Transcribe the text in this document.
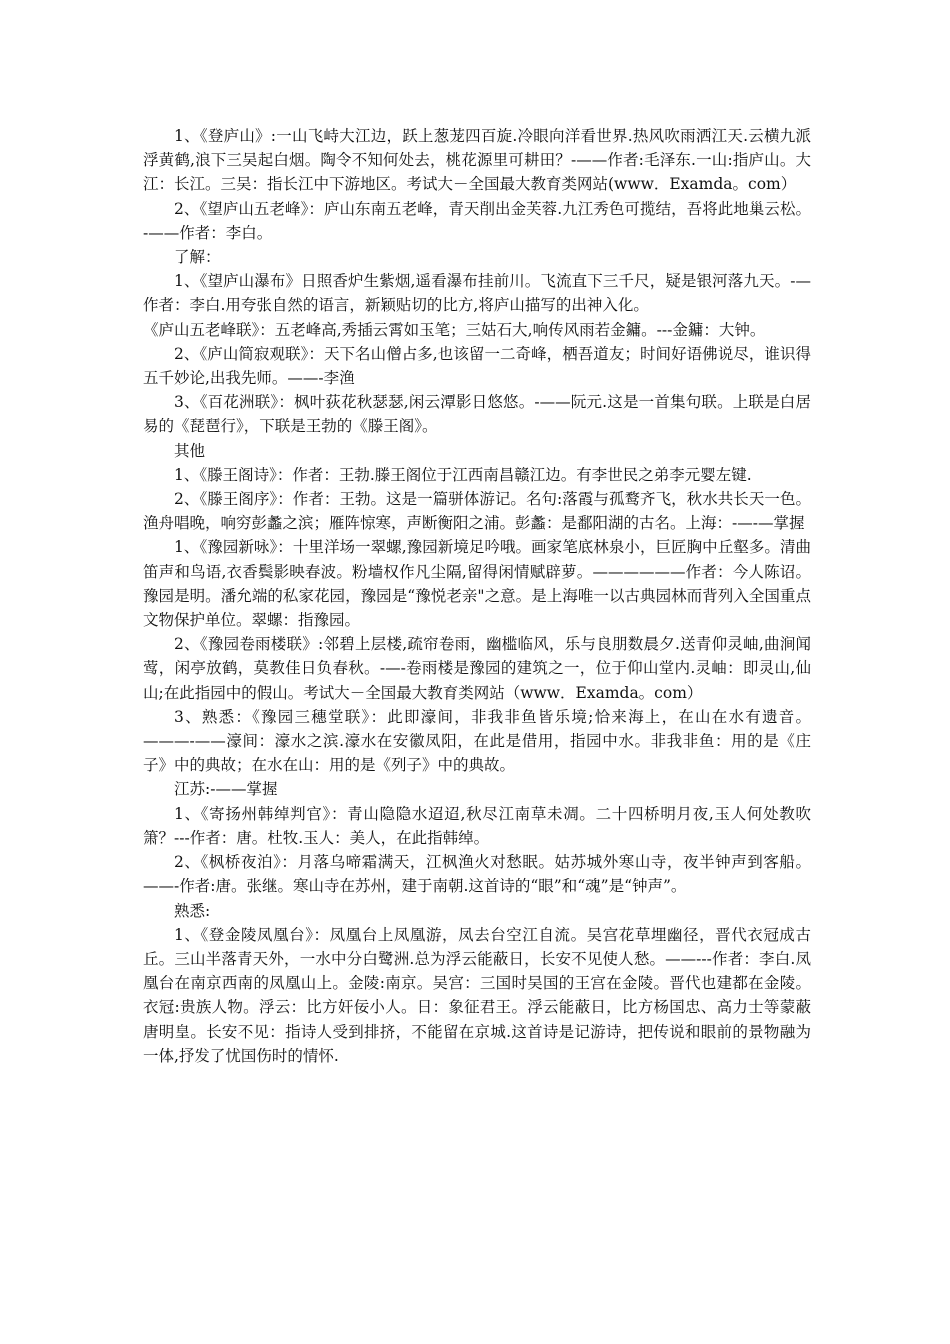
1、《登庐山》:一山飞峙大江边，跃上葱茏四百旋.冷眼向洋看世界.热风吹雨洒江天.云横九派浮黄鹤,浪下三吴起白烟。陶令不知何处去，桃花源里可耕田？-——作者:毛泽东.一山:指庐山。大江：长江。三吴：指长江中下游地区。考试大－全国最大教育类网站(www．Examda。com）

2、《望庐山五老峰》：庐山东南五老峰，青天削出金芙蓉.九江秀色可揽结，吾将此地巢云松。-——作者：李白。

了解：

1、《望庐山瀑布》日照香炉生紫烟,遥看瀑布挂前川。飞流直下三千尺，疑是银河落九天。-—作者：李白.用夸张自然的语言，新颖贴切的比方,将庐山描写的出神入化。

《庐山五老峰联》：五老峰高,秀插云霄如玉笔；三姑石大,响传风雨若金鏞。---金鏞：大钟。

2、《庐山简寂观联》：天下名山僧占多,也该留一二奇峰，栖吾道友；时间好语佛说尽，谁识得五千妙论,出我先师。——-李渔

3、《百花洲联》：枫叶荻花秋瑟瑟,闲云潭影日悠悠。-——阮元.这是一首集句联。上联是白居易的《琵琶行》，下联是王勃的《滕王阁》。

其他

1、《滕王阁诗》：作者：王勃.滕王阁位于江西南昌赣江边。有李世民之弟李元婴左键.

2、《滕王阁序》：作者：王勃。这是一篇骈体游记。名句:落霞与孤鹜齐飞，秋水共长天一色。渔舟唱晚，响穷彭蠡之滨；雁阵惊寒，声断衡阳之浦。彭蠡：是鄱阳湖的古名。上海：-—-—掌握

1、《豫园新咏》：十里洋场一翠螺,豫园新境足吟哦。画家笔底林泉小，巨匠胸中丘壑多。清曲笛声和鸟语,衣香鬓影映春波。粉墙权作凡尘隔,留得闲情赋辟萝。——————作者：今人陈诏。豫园是明。潘允端的私家花园，豫园是“豫悦老亲"之意。是上海唯一以古典园林而背列入全国重点文物保护单位。翠螺：指豫园。

2、《豫园卷雨楼联》:邻碧上层楼,疏帘卷雨，幽槛临风，乐与良朋数晨夕.送青仰灵岫,曲涧闻莺，闲亭放鹤，莫教佳日负春秋。-—-卷雨楼是豫园的建筑之一，位于仰山堂内.灵岫：即灵山,仙山;在此指园中的假山。考试大－全国最大教育类网站（www．Examda。com）

3、熟悉：《豫园三穗堂联》：此即濠间，非我非鱼皆乐境;恰来海上，在山在水有遗音。———-——濠间：濠水之滨.濠水在安徽凤阳，在此是借用，指园中水。非我非鱼：用的是《庄子》中的典故；在水在山：用的是《列子》中的典故。

江苏:-——掌握

1、《寄扬州韩绰判官》：青山隐隐水迢迢,秋尽江南草未凋。二十四桥明月夜,玉人何处教吹箫？---作者：唐。杜牧.玉人：美人，在此指韩绰。

2、《枫桥夜泊》：月落乌啼霜满天，江枫渔火对愁眠。姑苏城外寒山寺，夜半钟声到客船。——-作者:唐。张继。寒山寺在苏州，建于南朝.这首诗的“眼”和“魂”是“钟声”。

熟悉:

1、《登金陵凤凰台》：凤凰台上凤凰游，凤去台空江自流。吴宫花草埋幽径，晋代衣冠成古丘。三山半落青天外，一水中分白鹭洲.总为浮云能蔽日，长安不见使人愁。——---作者：李白.凤凰台在南京西南的凤凰山上。金陵:南京。吴宫：三国时吴国的王宫在金陵。晋代也建都在金陵。衣冠:贵族人物。浮云：比方奸佞小人。日：象征君王。浮云能蔽日，比方杨国忠、高力士等蒙蔽唐明皇。长安不见：指诗人受到排挤，不能留在京城.这首诗是记游诗，把传说和眼前的景物融为一体,抒发了忧国伤时的情怀.
